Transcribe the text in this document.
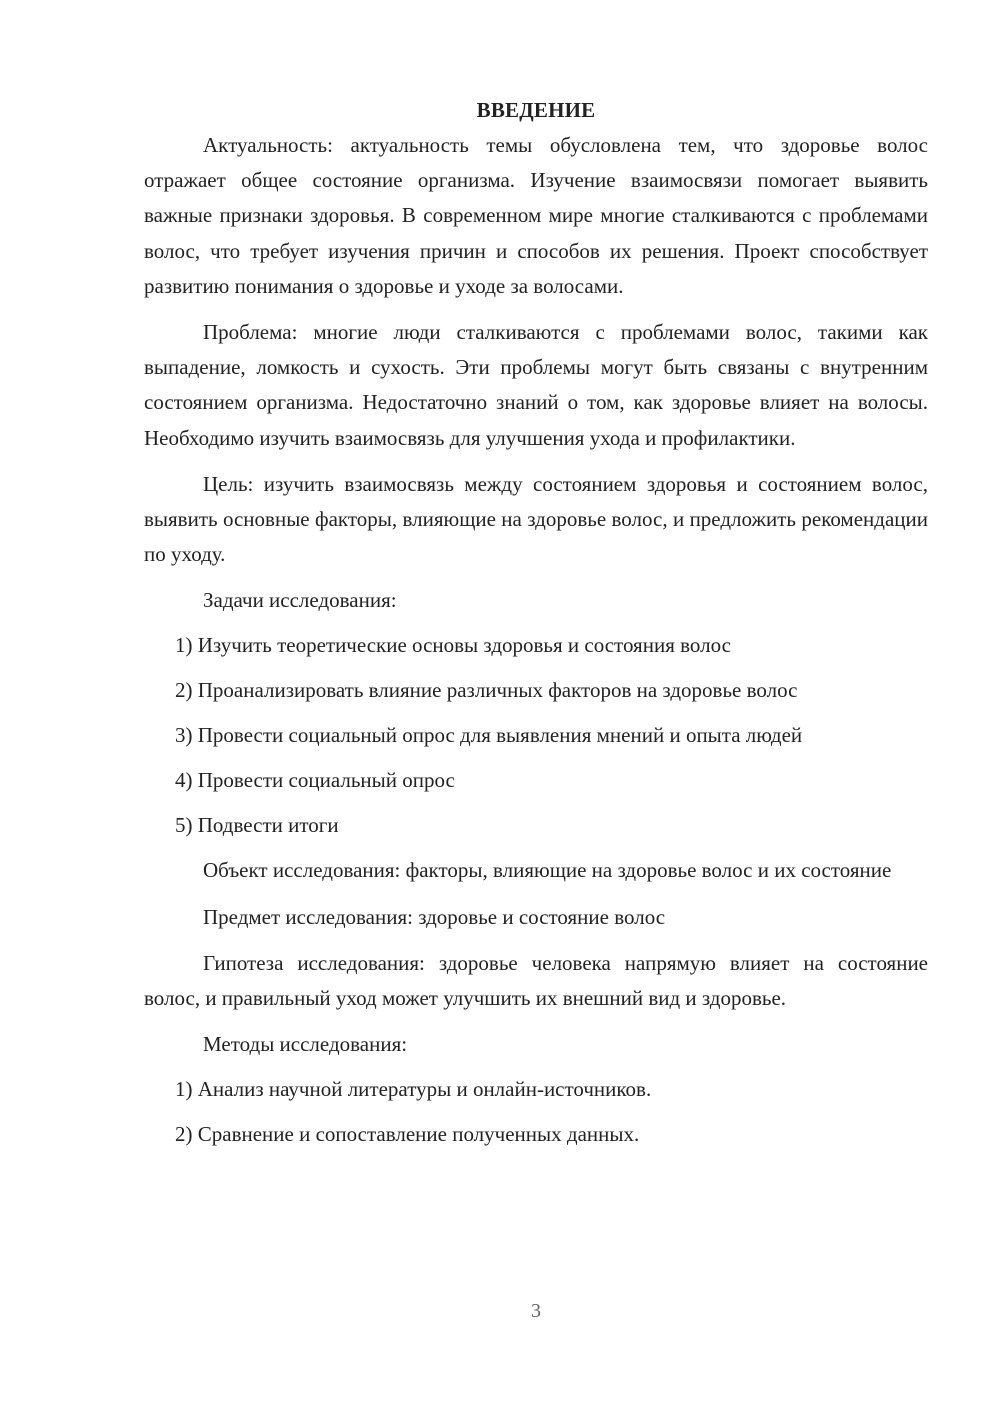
ВВЕДЕНИЕ

Актуальность: актуальность темы обусловлена тем, что здоровье волос отражает общее состояние организма. Изучение взаимосвязи помогает выявить важные признаки здоровья. В современном мире многие сталкиваются с проблемами волос, что требует изучения причин и способов их решения. Проект способствует развитию понимания о здоровье и уходе за волосами.

Проблема: многие люди сталкиваются с проблемами волос, такими как выпадение, ломкость и сухость. Эти проблемы могут быть связаны с внутренним состоянием организма. Недостаточно знаний о том, как здоровье влияет на волосы. Необходимо изучить взаимосвязь для улучшения ухода и профилактики.

Цель: изучить взаимосвязь между состоянием здоровья и состоянием волос, выявить основные факторы, влияющие на здоровье волос, и предложить рекомендации по уходу.

Задачи исследования:
1) Изучить теоретические основы здоровья и состояния волос
2) Проанализировать влияние различных факторов на здоровье волос
3) Провести социальный опрос для выявления мнений и опыта людей
4) Провести социальный опрос
5) Подвести итоги

Объект исследования: факторы, влияющие на здоровье волос и их состояние

Предмет исследования: здоровье и состояние волос

Гипотеза исследования: здоровье человека напрямую влияет на состояние волос, и правильный уход может улучшить их внешний вид и здоровье.

Методы исследования:
1) Анализ научной литературы и онлайн-источников.
2) Сравнение и сопоставление полученных данных.
3
